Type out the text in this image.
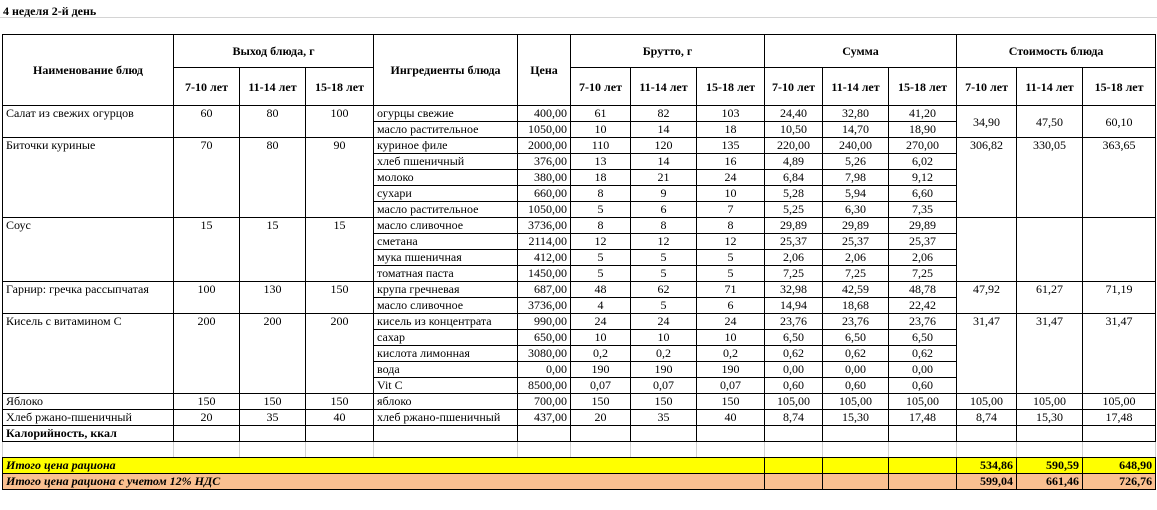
4 неделя 2-й день
Наименование блюд	Выход блюда, г			Ингредиенты блюда	Цена	Брутто, г			Сумма			Стоимость блюда		
	7-10 лет	11-14 лет	15-18 лет			7-10 лет	11-14 лет	15-18 лет	7-10 лет	11-14 лет	15-18 лет	7-10 лет	11-14 лет	15-18 лет
Салат из свежих огурцов	60	80	100	огурцы свежие	400,00	61	82	103	24,40	32,80	41,20	34,90	47,50	60,10
				масло растительное	1050,00	10	14	18	10,50	14,70	18,90			
Биточки куриные	70	80	90	куриное филе	2000,00	110	120	135	220,00	240,00	270,00	306,82	330,05	363,65
				хлеб пшеничный	376,00	13	14	16	4,89	5,26	6,02			
				молоко	380,00	18	21	24	6,84	7,98	9,12			
				сухари	660,00	8	9	10	5,28	5,94	6,60			
				масло растительное	1050,00	5	6	7	5,25	6,30	7,35			
Соус	15	15	15	масло сливочное	3736,00	8	8	8	29,89	29,89	29,89			
				сметана	2114,00	12	12	12	25,37	25,37	25,37			
				мука пшеничная	412,00	5	5	5	2,06	2,06	2,06			
				томатная паста	1450,00	5	5	5	7,25	7,25	7,25			
Гарнир: гречка рассыпчатая	100	130	150	крупа гречневая	687,00	48	62	71	32,98	42,59	48,78	47,92	61,27	71,19
				масло сливочное	3736,00	4	5	6	14,94	18,68	22,42			
Кисель с витамином С	200	200	200	кисель из концентрата	990,00	24	24	24	23,76	23,76	23,76	31,47	31,47	31,47
				сахар	650,00	10	10	10	6,50	6,50	6,50			
				кислота лимонная	3080,00	0,2	0,2	0,2	0,62	0,62	0,62			
				вода	0,00	190	190	190	0,00	0,00	0,00			
				Vit C	8500,00	0,07	0,07	0,07	0,60	0,60	0,60			
Яблоко	150	150	150	яблоко	700,00	150	150	150	105,00	105,00	105,00	105,00	105,00	105,00
Хлеб ржано-пшеничный	20	35	40	хлеб ржано-пшеничный	437,00	20	35	40	8,74	15,30	17,48	8,74	15,30	17,48
Калорийность, ккал														

Итого цена рациона												534,86	590,59	648,90
Итого цена рациона с учетом 12% НДС												599,04	661,46	726,76
